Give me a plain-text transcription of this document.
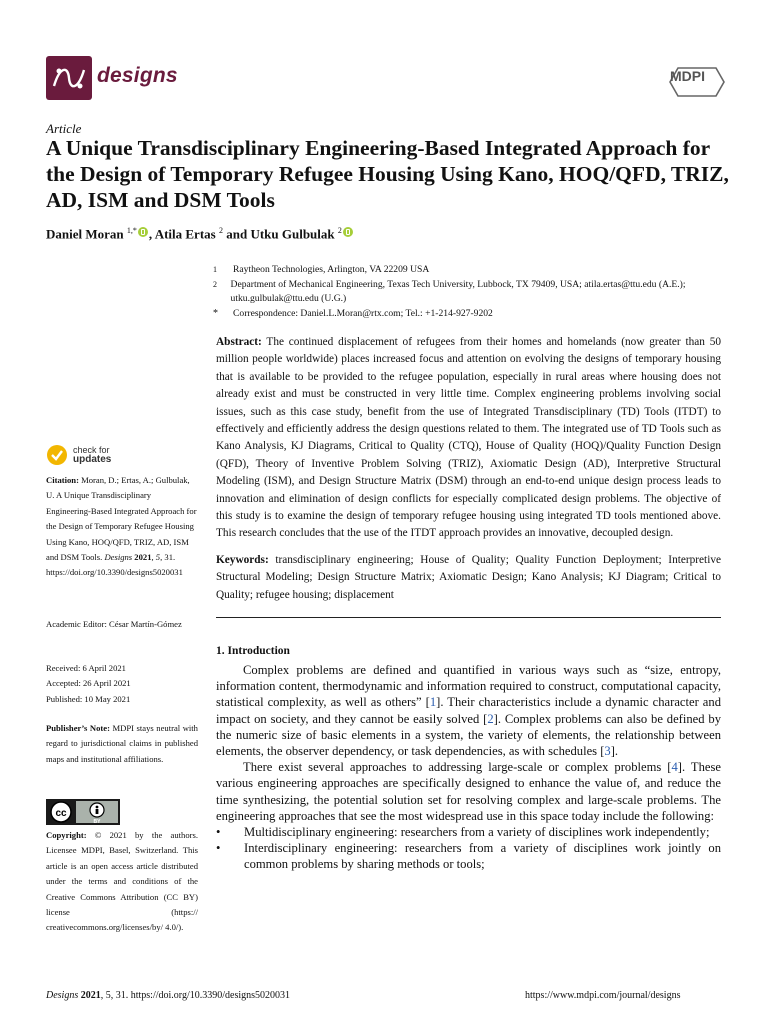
designs	MDPI
Article
A Unique Transdisciplinary Engineering-Based Integrated Approach for the Design of Temporary Refugee Housing Using Kano, HOQ/QFD, TRIZ, AD, ISM and DSM Tools
Daniel Moran $^{1,*}$ , Atila Ertas $^2$ and Utku Gulbulak $^2$
1	Raytheon Technologies, Arlington, VA 22209 USA
2	Department of Mechanical Engineering, Texas Tech University, Lubbock, TX 79409, USA; atila.ertas@ttu.edu (A.E.); utku.gulbulak@ttu.edu (U.G.)
*	Correspondence: Daniel.L.Moran@rtx.com; Tel.: +1-214-927-9202
Abstract: The continued displacement of refugees from their homes and homelands (now greater than 50 million people worldwide) places increased focus and attention on evolving the designs of temporary housing that is available to be provided to the refugee population, especially in rural areas where housing does not already exist and must be constructed in very little time. Complex engineering problems involving social issues, such as this case study, benefit from the use of Integrated Transdisciplinary (TD) Tools (ITDT) to effectively and efficiently address the design questions related to them. The integrated use of TD Tools such as Kano Analysis, KJ Diagrams, Critical to Quality (CTQ), House of Quality (HOQ)/Quality Function Design (QFD), Theory of Inventive Problem Solving (TRIZ), Axiomatic Design (AD), Interpretive Structural Modeling (ISM), and Design Structure Matrix (DSM) through an end-to-end unique design process leads to innovation and elimination of design conflicts for especially complicated design problems. The objective of this study is to examine the design of temporary refugee housing using integrated TD tools mentioned above. This research concludes that the use of the ITDT approach provides an innovative, decoupled design.
Keywords: transdisciplinary engineering; House of Quality; Quality Function Deployment; Interpretive Structural Modeling; Design Structure Matrix; Axiomatic Design; Kano Analysis; KJ Diagram; Critical to Quality; refugee housing; displacement
1. Introduction

Complex problems are defined and quantified in various ways such as “size, entropy, information content, thermodynamic and information required to construct, computational capacity, statistical complexity, as well as others” [1]. Their characteristics include a dynamic character and impact on society, and they cannot be easily solved [2]. Complex problems can also be defined by the numeric size of basic elements in a system, the variety of elements, the relationship between elements, the observer dependency, or task dependencies, as with schedules [3].

There exist several approaches to addressing large-scale or complex problems [4]. These various engineering approaches are specifically designed to enhance the value of, and reduce the time synthesizing, the potential solution set for resolving complex and large-scale problems. The engineering approaches that see the most widespread use in this space today include the following:

• Multidisciplinary engineering: researchers from a variety of disciplines work independently;
• Interdisciplinary engineering: researchers from a variety of disciplines work jointly on common problems by sharing methods or tools;
check for
updates
Citation: Moran, D.; Ertas, A.; Gulbulak, U. A Unique Transdisciplinary Engineering-Based Integrated Approach for the Design of Temporary Refugee Housing Using Kano, HOQ/QFD, TRIZ, AD, ISM and DSM Tools. Designs 2021, 5, 31. https://doi.org/10.3390/designs5020031
Academic Editor: César Martín-Gómez
Received: 6 April 2021
Accepted: 26 April 2021
Published: 10 May 2021
Publisher’s Note: MDPI stays neutral with regard to jurisdictional claims in published maps and institutional affiliations.
cc
BY
Copyright: © 2021 by the authors. Licensee MDPI, Basel, Switzerland. This article is an open access article distributed under the terms and conditions of the Creative Commons Attribution (CC BY) license (https:// creativecommons.org/licenses/by/ 4.0/).
Designs 2021, 5, 31. https://doi.org/10.3390/designs5020031	https://www.mdpi.com/journal/designs
